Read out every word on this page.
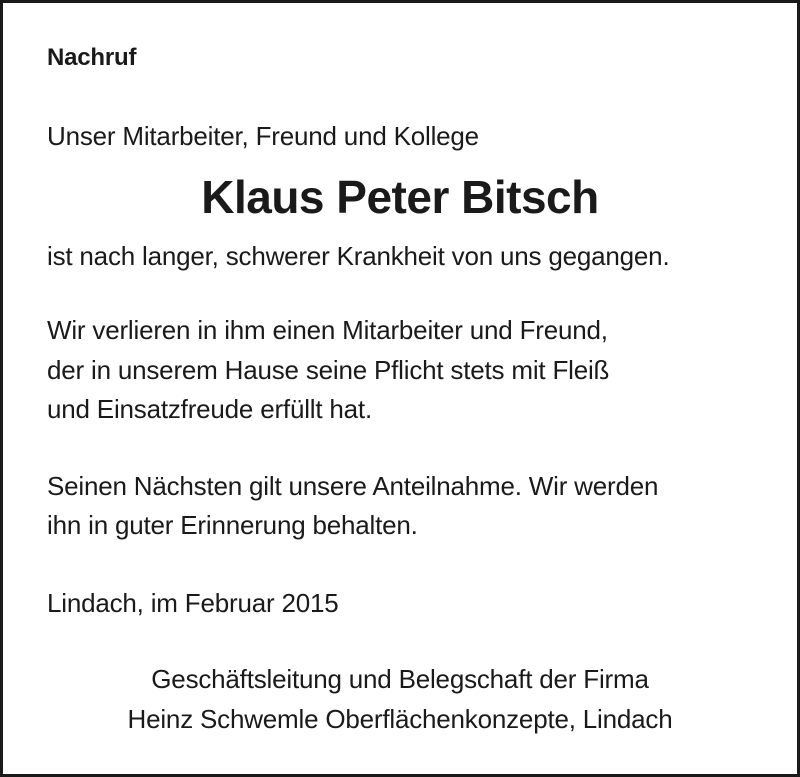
Nachruf
Unser Mitarbeiter, Freund und Kollege
Klaus Peter Bitsch
ist nach langer, schwerer Krankheit von uns gegangen.
Wir verlieren in ihm einen Mitarbeiter und Freund,
der in unserem Hause seine Pflicht stets mit Fleiß
und Einsatzfreude erfüllt hat.
Seinen Nächsten gilt unsere Anteilnahme. Wir werden
ihn in guter Erinnerung behalten.
Lindach, im Februar 2015
Geschäftsleitung und Belegschaft der Firma
Heinz Schwemle Oberflächenkonzepte, Lindach
